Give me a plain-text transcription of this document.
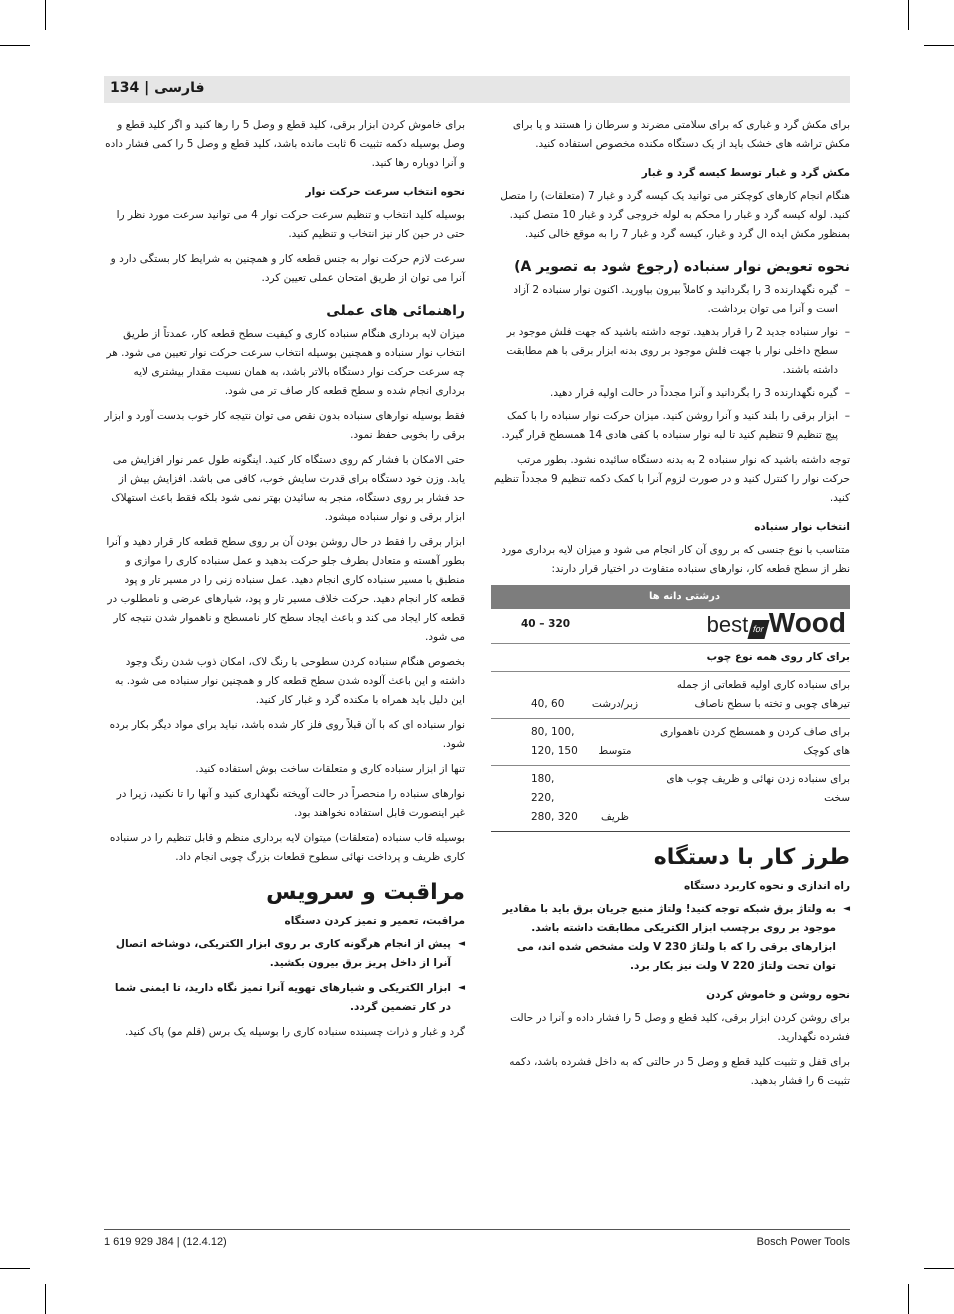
134 | فارسی

برای مکش گرد و غباری که برای سلامتی مضرند و سرطان زا هستند و یا برای مکش تراشه های خشک باید از یک دستگاه مکنده مخصوص استفاده کنید.

مکش گرد و غبار توسط کیسه گرد و غبار

هنگام انجام کارهای کوچکتر می توانید یک کیسه گرد و غبار 7 (متعلقات) را متصل کنید. لوله کیسه گرد و غبار را محکم به لوله خروجی گرد و غبار 10 متصل کنید. بمنظور مکش ایده ال گرد و غبار، کیسه گرد و غبار 7 را به موقع خالی کنید.

نحوه تعویض نوار سنباده (رجوع شود به تصویر A)
– گیره نگهدارنده 3 را بگردانید و کاملاً بیرون بیاورید. اکنون نوار سنباده 2 آزاد است و آنرا می توان برداشت.
– نوار سنباده جدید 2 را قرار بدهید. توجه داشته باشید که جهت فلش موجود بر سطح داخلی نوار با جهت فلش موجود بر روی بدنه ابزار برقی با هم مطابقت داشته باشند.
– گیره نگهدارنده 3 را بگردانید و آنرا مجدداً در حالت اولیه قرار دهید.
– ابزار برقی را بلند کنید و آنرا روشن کنید. میزان حرکت نوار سنباده را با کمک پیچ تنظیم 9 تنظیم کنید تا لبه نوار سنباده با کفی هادی 14 همسطح قرار گیرد.

توجه داشته باشید که نوار سنباده 2 به بدنه دستگاه سائیده نشود. بطور مرتب حرکت نوار را کنترل کنید و در صورت لزوم آنرا با کمک دکمه تنظیم 9 مجدداً تنظیم کنید.

انتخاب نوار سنباده

متناسب با نوع جنسی که بر روی آن کار انجام می شود و میزان لایه برداری مورد نظر از سطح قطعه کار، نوارهای سنباده متفاوت در اختیار قرار دارند:

درشتی دانه ها
best for Wood
40 – 320
برای کار روی همه نوع چوب
برای سنباده کاری اولیه قطعاتی از جمله تیرهای چوبی و تخته با سطح ناصاف
زبر/درشت
40, 60
برای صاف کردن و همسطح کردن ناهمواری های کوچک
متوسط
80, 100, 120, 150
برای سنباده زدن نهائی و ظریف چوب های سخت
ظریف
180, 220, 280, 320
طرز کار با دستگاه
راه اندازی و نحوه کاربرد دستگاه
◄ به ولتاژ برق شبکه توجه کنید! ولتاژ منبع جریان برق باید با مقادیر موجود بر روی برچسب ابزار الکتریکی مطابقت داشته باشد. ابزارهای برقی را که با ولتاژ 230 V ولت مشخص شده اند، می توان تحت ولتاژ 220 V ولت نیز بکار برد.
نحوه روشن و خاموش کردن

برای روشن کردن ابزار برقی، کلید قطع و وصل 5 را فشار داده و آنرا در حالت فشرده نگهدارید.

برای قفل و تثبیت کلید قطع و وصل 5 در حالتی که به داخل فشرده باشد، دکمه تثبیت 6 را فشار بدهید.

برای خاموش کردن ابزار برقی، کلید قطع و وصل 5 را رها کنید و اگر کلید قطع و وصل بوسیله دکمه تثبیت 6 ثابت مانده باشد، کلید قطع و وصل 5 را کمی فشار داده و آنرا دوباره رها کنید.

نحوه انتخاب سرعت حرکت نوار

بوسیله کلید انتخاب و تنظیم سرعت حرکت نوار 4 می توانید سرعت مورد نظر را حتی در حین کار نیز انتخاب و تنظیم کنید.

سرعت لازم حرکت نوار به جنس قطعه کار و همچنین به شرایط کار بستگی دارد و آنرا می توان از طریق امتحان عملی تعیین کرد.

راهنمائی های عملی

میزان لایه برداری هنگام سنباده کاری و کیفیت سطح قطعه کار، عمدتاً از طریق انتخاب نوار سنباده و همچنین بوسیله انتخاب سرعت حرکت نوار تعیین می شود. هر چه سرعت حرکت نوار دستگاه بالاتر باشد، به همان نسبت مقدار بیشتری لایه برداری انجام شده و سطح قطعه کار صاف تر می شود.

فقط بوسیله نوارهای سنباده بدون نقص می توان نتیجه کار خوب بدست آورد و ابزار برقی را بخوبی حفظ نمود.

حتی الامکان با فشار کم روی دستگاه کار کنید. اینگونه طول عمر نوار افزایش می یابد. وزن خود دستگاه برای قدرت سایش خوب، کافی می باشد. افزایش بیش از حد فشار بر روی دستگاه، منجر به سائیدن بهتر نمی شود بلکه فقط باعث استهلاک ابزار برقی و نوار سنباده میشود.

ابزار برقی را فقط در حال روشن بودن آن بر روی سطح قطعه کار قرار دهید و آنرا بطور آهسته و متعادل بطرف جلو حرکت بدهید و عمل سنباده کاری را موازی و منطبق با مسیر سنباده کاری انجام دهید. عمل سنباده زنی را در مسیر تار و پود قطعه کار انجام دهید. حرکت خلاف مسیر تار و پود، شیارهای عرضی و نامطلوب در قطعه کار ایجاد می کند و باعث ایجاد سطح کار نامسطح و ناهموار شدن نتیجه کار می شود.

بخصوص هنگام سنباده کردن سطوحی با رنگ لاک، امکان ذوب شدن رنگ وجود داشته و این باعث آلوده شدن سطح قطعه کار و همچنین نوار سنباده می شود. به این دلیل باید همراه با مکنده گرد و غبار کار کنید.

نوار سنباده ای که با آن قبلاً روی فلز کار شده باشد، نباید برای مواد دیگر بکار برده شود.

تنها از ابزار سنباده کاری و متعلقات ساخت بوش استفاده کنید.

نوارهای سنباده را منحصراً در حالت آویخته نگهداری کنید و آنها را تا نکنید، زیرا در غیر اینصورت قابل استفاده نخواهند بود.

بوسیله قاب سنباده (متعلقات) میتوان لایه برداری منظم و قابل تنظیم را در سنباده کاری ظریف و پرداخت نهائی سطوح قطعات بزرگ چوبی انجام داد.

مراقبت و سرویس
مراقبت، تعمیر و تمیز کردن دستگاه
◄ پیش از انجام هرگونه کاری بر روی ابزار الکتریکی، دوشاخه اتصال آنرا از داخل پریز برق بیرون بکشید.
◄ ابزار الکتریکی و شیارهای تهویه آنرا تمیز نگاه دارید، تا ایمنی شما در کار تضمین گردد.

گرد و غبار و ذرات چسبنده سنباده کاری را بوسیله یک برس (قلم مو) پاک کنید.

1 619 929 J84 | (12.4.12)	Bosch Power Tools
